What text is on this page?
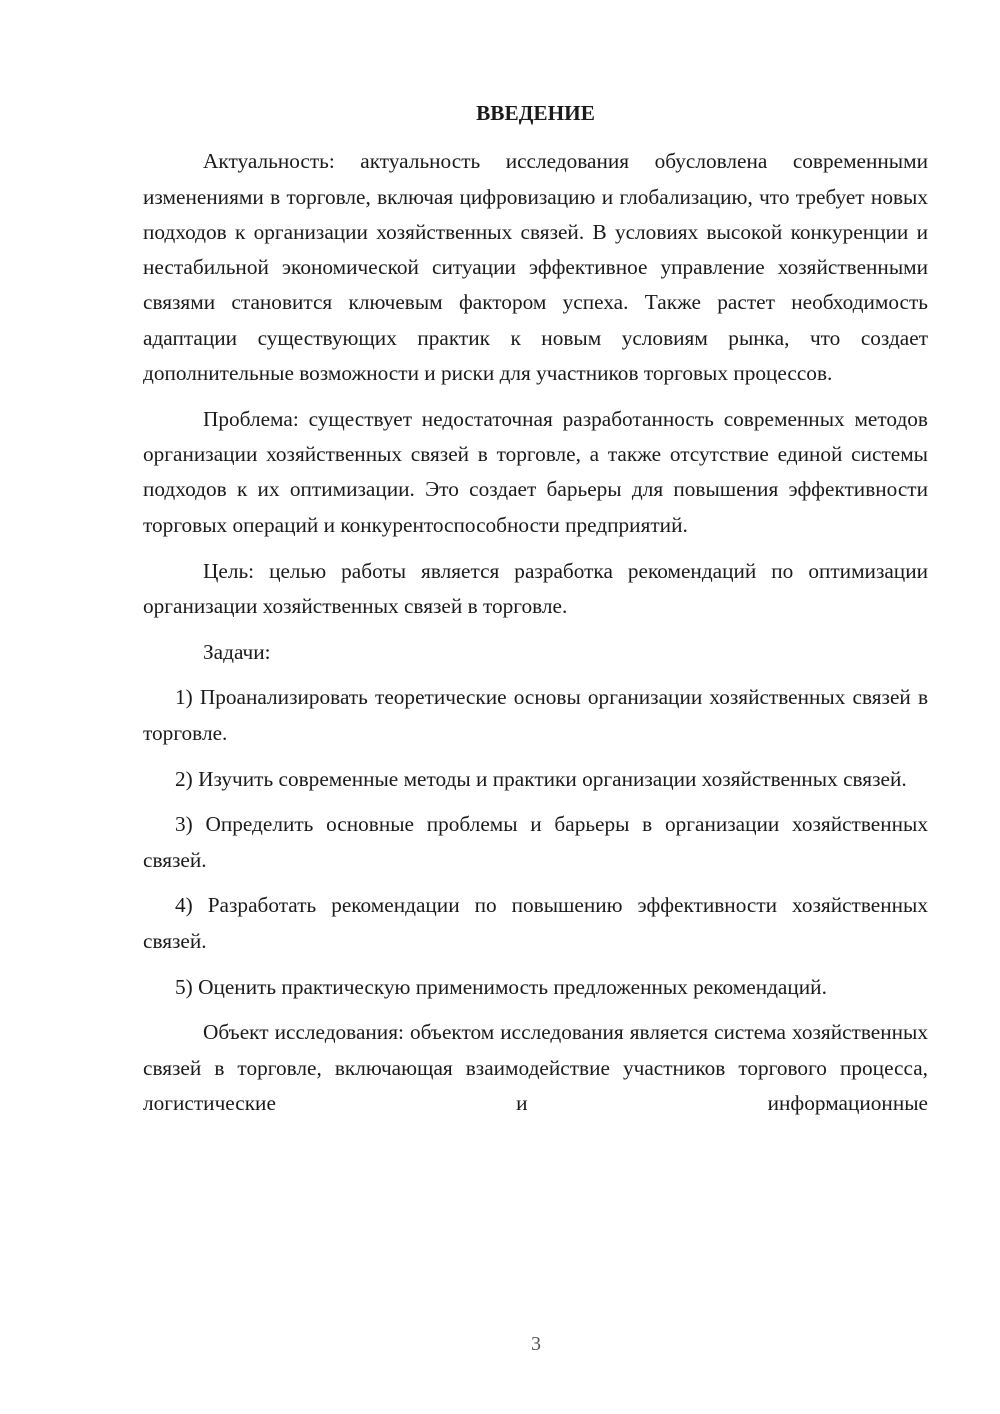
ВВЕДЕНИЕ

Актуальность: актуальность исследования обусловлена современными изменениями в торговле, включая цифровизацию и глобализацию, что требует новых подходов к организации хозяйственных связей. В условиях высокой конкуренции и нестабильной экономической ситуации эффективное управление хозяйственными связями становится ключевым фактором успеха. Также растет необходимость адаптации существующих практик к новым условиям рынка, что создает дополнительные возможности и риски для участников торговых процессов.

Проблема: существует недостаточная разработанность современных методов организации хозяйственных связей в торговле, а также отсутствие единой системы подходов к их оптимизации. Это создает барьеры для повышения эффективности торговых операций и конкурентоспособности предприятий.

Цель: целью работы является разработка рекомендаций по оптимизации организации хозяйственных связей в торговле.

Задачи:

1) Проанализировать теоретические основы организации хозяйственных связей в торговле.

2) Изучить современные методы и практики организации хозяйственных связей.

3) Определить основные проблемы и барьеры в организации хозяйственных связей.

4) Разработать рекомендации по повышению эффективности хозяйственных связей.

5) Оценить практическую применимость предложенных рекомендаций.

Объект исследования: объектом исследования является система хозяйственных связей в торговле, включающая взаимодействие участников торгового процесса, логистические и информационные

3
